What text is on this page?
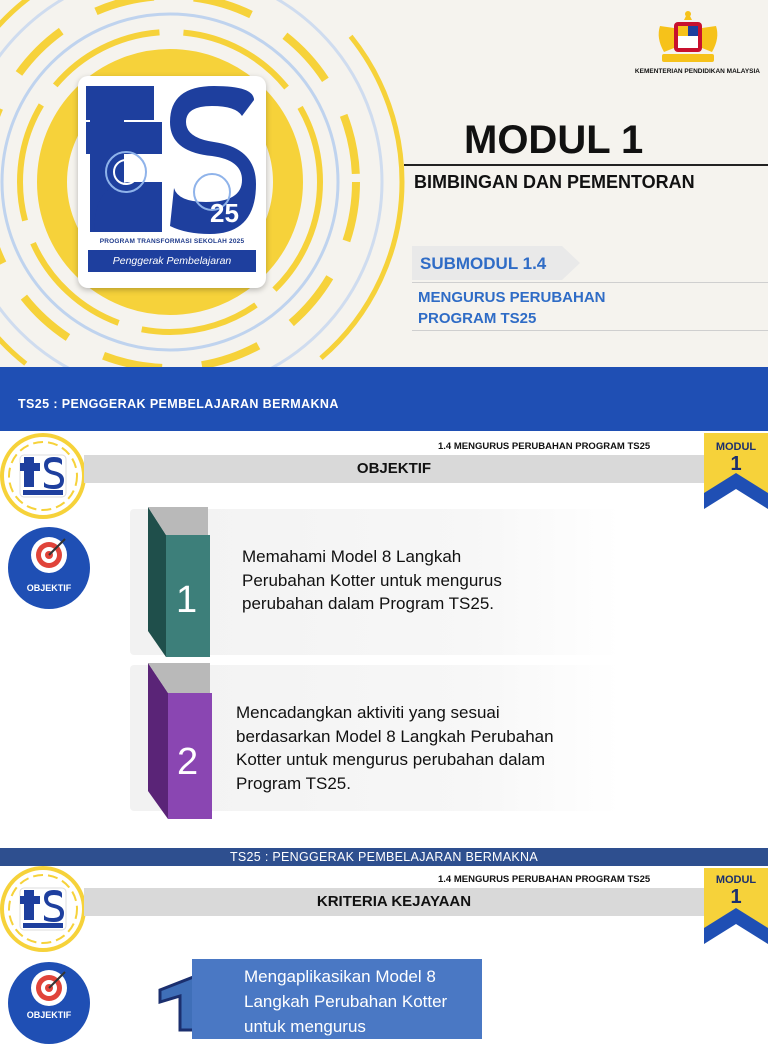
25
PROGRAM TRANSFORMASI SEKOLAH 2025
Penggerak Pembelajaran Bermakna
KEMENTERIAN PENDIDIKAN MALAYSIA
MODUL 1
BIMBINGAN DAN PEMENTORAN
SUBMODUL 1.4
MENGURUS PERUBAHAN
PROGRAM TS25
TS25 : PENGGERAK PEMBELAJARAN BERMAKNA
1.4 MENGURUS PERUBAHAN PROGRAM TS25
OBJEKTIF
MODUL
1
OBJEKTIF	1
Memahami Model 8 Langkah
Perubahan Kotter untuk mengurus
perubahan dalam Program TS25.
2
Mencadangkan aktiviti yang sesuai
berdasarkan Model 8 Langkah Perubahan
Kotter untuk mengurus perubahan dalam
Program TS25.
TS25 : PENGGERAK PEMBELAJARAN BERMAKNA
1.4 MENGURUS PERUBAHAN PROGRAM TS25
KRITERIA KEJAYAAN
MODUL
1
OBJEKTIF
Mengaplikasikan Model 8
Langkah Perubahan Kotter
untuk mengurus
